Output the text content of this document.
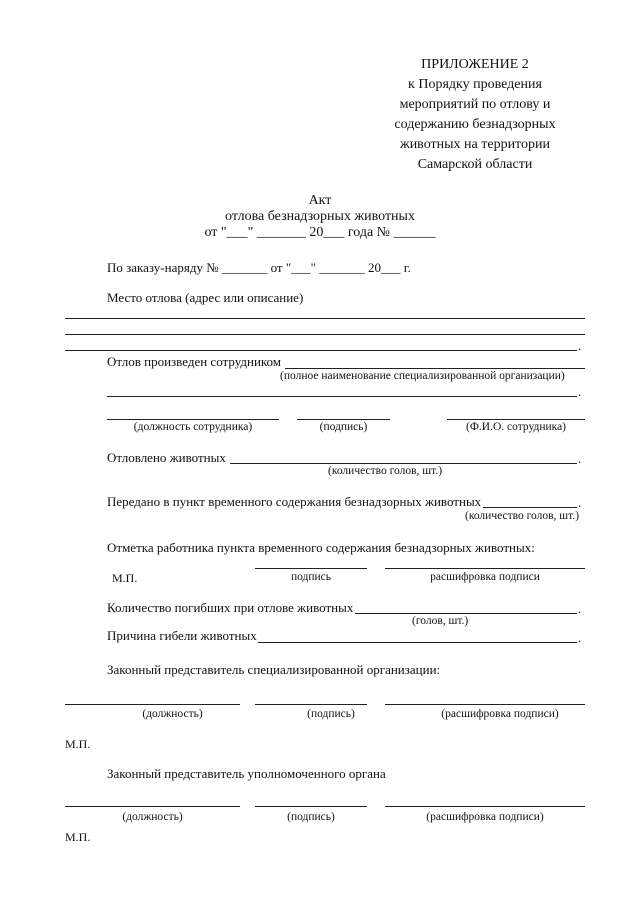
ПРИЛОЖЕНИЕ 2
к Порядку проведения
мероприятий по отлову и
содержанию безнадзорных
животных на территории
Самарской области
Акт
отлова безнадзорных животных
от "___" _______ 20___ года № ______
По заказу-наряду № _______ от "___" _______ 20___ г.
Место отлова (адрес или описание)
.
Отлов произведен сотрудником
(полное наименование специализированной организации)
.
(должность сотрудника)	(подпись)	(Ф.И.О. сотрудника)
Отловлено животных	.
(количество голов, шт.)
Передано в пункт временного содержания безнадзорных животных	.
(количество голов, шт.)
Отметка работника пункта временного содержания безнадзорных животных:
М.П.	подпись	расшифровка подписи
Количество погибших при отлове животных	.
(голов, шт.)
Причина гибели животных	.
Законный представитель специализированной организации:
(должность)	(подпись)	(расшифровка подписи)
М.П.
Законный представитель уполномоченного органа
(должность)	(подпись)	(расшифровка подписи)
М.П.
